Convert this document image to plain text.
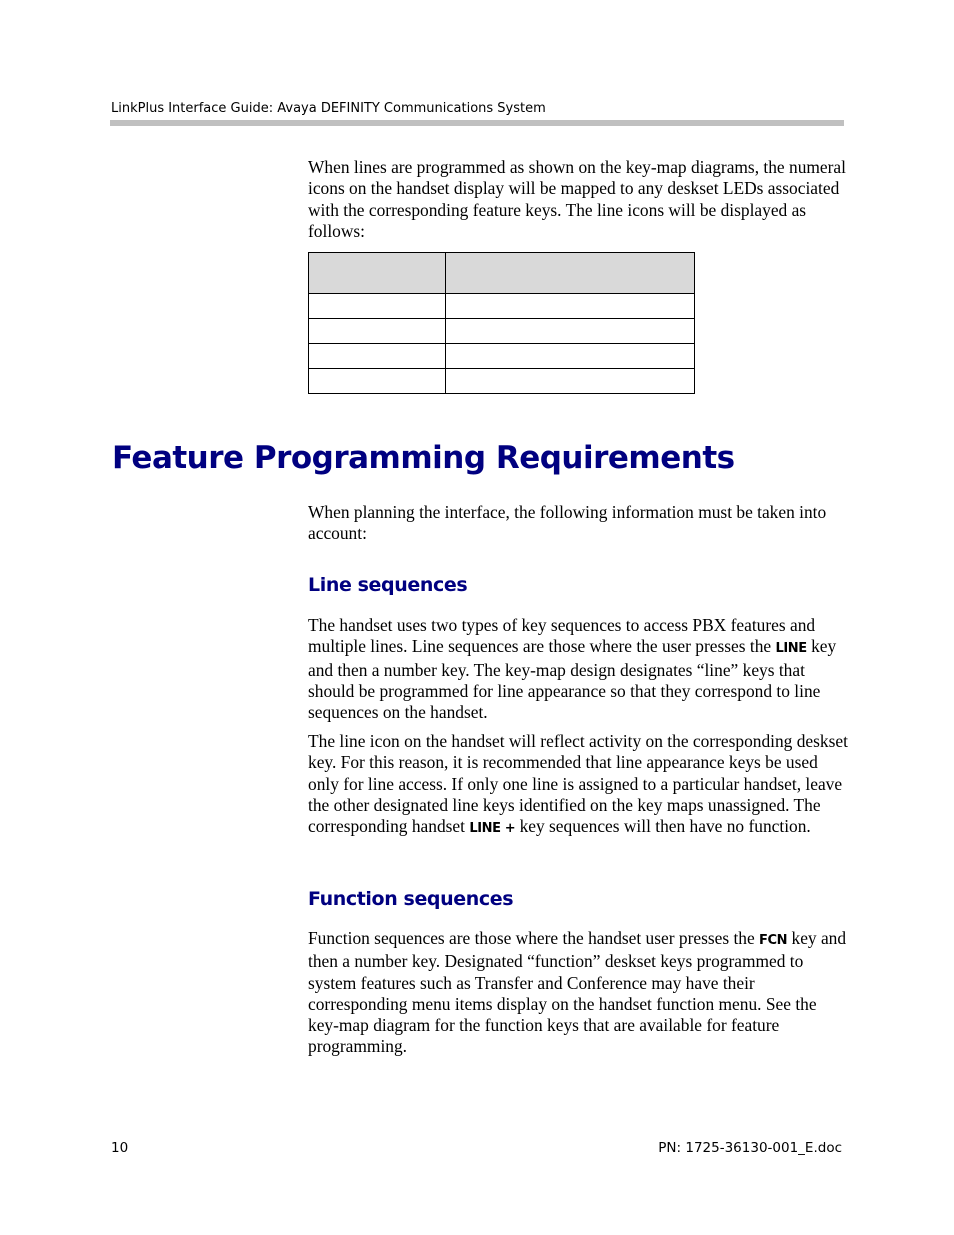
LinkPlus Interface Guide: Avaya DEFINITY Communications System

When lines are programmed as shown on the key-map diagrams, the numeral icons on the handset display will be mapped to any deskset LEDs associated with the corresponding feature keys. The line icons will be displayed as follows:

Feature Programming Requirements

When planning the interface, the following information must be taken into account:

Line sequences

The handset uses two types of key sequences to access PBX features and multiple lines. Line sequences are those where the user presses the LINE key and then a number key. The key-map design designates “line” keys that should be programmed for line appearance so that they correspond to line sequences on the handset.

The line icon on the handset will reflect activity on the corresponding deskset key. For this reason, it is recommended that line appearance keys be used only for line access. If only one line is assigned to a particular handset, leave the other designated line keys identified on the key maps unassigned. The corresponding handset LINE + key sequences will then have no function.

Function sequences

Function sequences are those where the handset user presses the FCN key and then a number key. Designated “function” deskset keys programmed to system features such as Transfer and Conference may have their corresponding menu items display on the handset function menu. See the key-map diagram for the function keys that are available for feature programming.

10	PN: 1725-36130-001_E.doc
